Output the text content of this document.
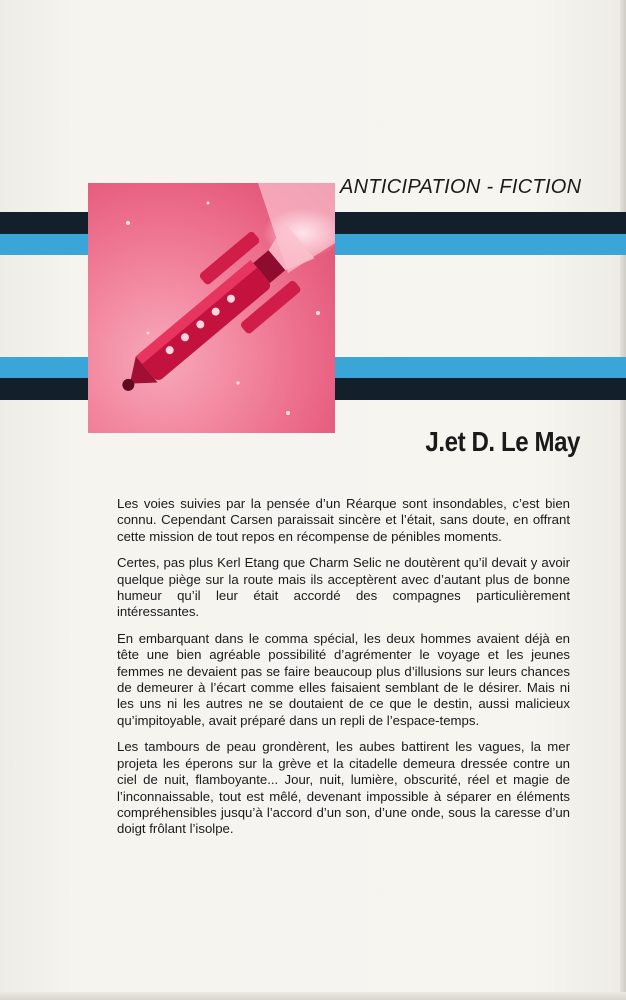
ANTICIPATION - FICTION
J.et D. Le May

Les voies suivies par la pensée d’un Réarque sont insondables, c’est bien connu. Cependant Carsen paraissait sincère et l’était, sans doute, en offrant cette mission de tout repos en récompense de pénibles moments.

Certes, pas plus Kerl Etang que Charm Selic ne doutèrent qu’il devait y avoir quelque piège sur la route mais ils acceptèrent avec d’autant plus de bonne humeur qu’il leur était accordé des compagnes particulièrement intéressantes.

En embarquant dans le comma spécial, les deux hommes avaient déjà en tête une bien agréable possibilité d’agrémenter le voyage et les jeunes femmes ne devaient pas se faire beaucoup plus d’illusions sur leurs chances de demeurer à l’écart comme elles faisaient semblant de le désirer. Mais ni les uns ni les autres ne se doutaient de ce que le destin, aussi malicieux qu’impitoyable, avait préparé dans un repli de l’espace-temps.

Les tambours de peau grondèrent, les aubes battirent les vagues, la mer projeta les éperons sur la grève et la citadelle demeura dressée contre un ciel de nuit, flamboyante... Jour, nuit, lumière, obscurité, réel et magie de l’inconnaissable, tout est mêlé, devenant impossible à séparer en éléments compréhensibles jusqu’à l’accord d’un son, d’une onde, sous la caresse d’un doigt frôlant l’isolpe.
